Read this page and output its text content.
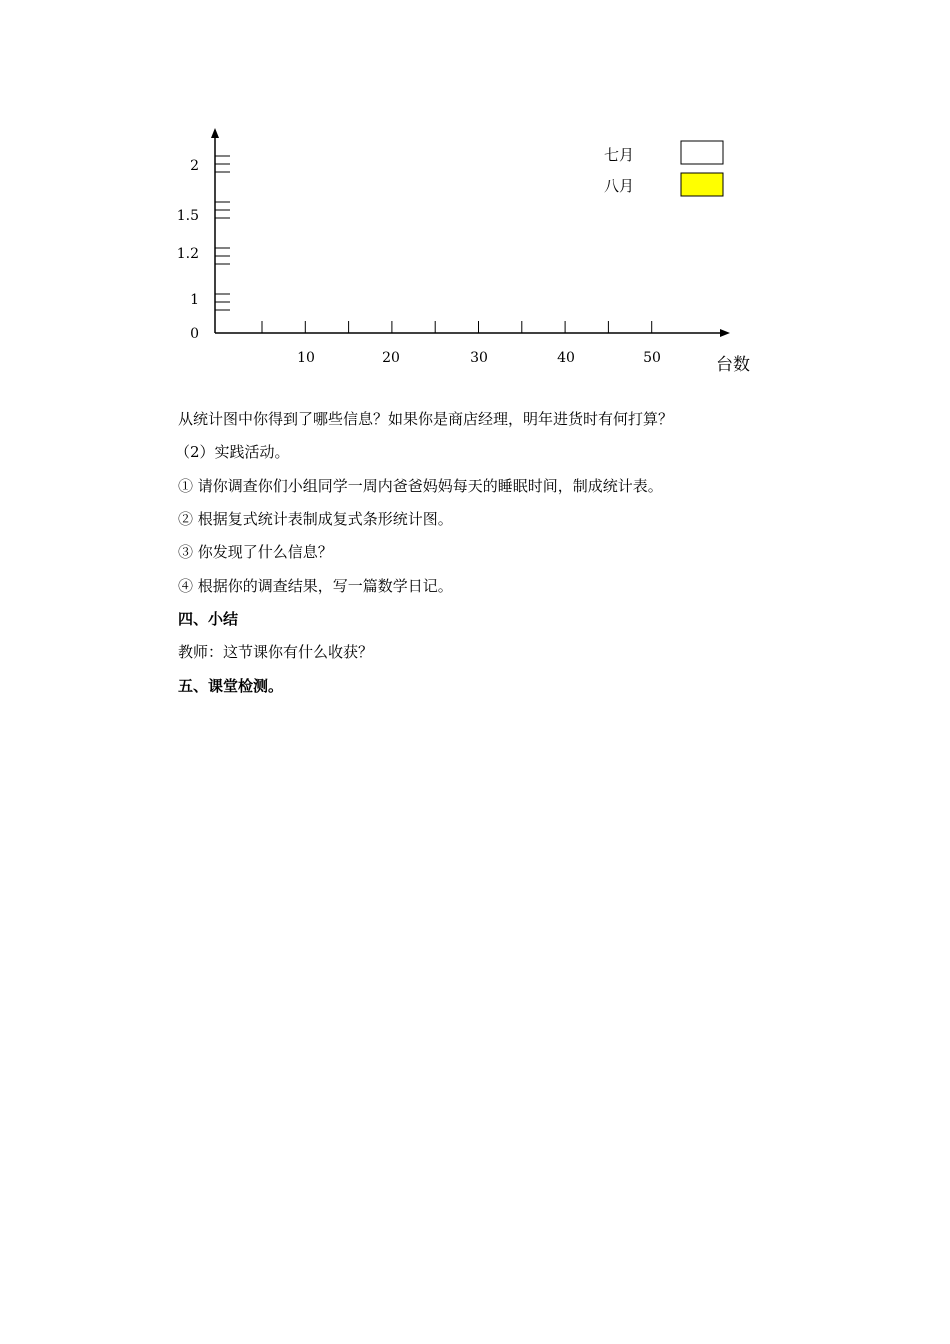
0
1
1.2
1.5
2
10	20	30	40	50
七月
八月
台数

从统计图中你得到了哪些信息？如果你是商店经理，明年进货时有何打算？

（2）实践活动。

① 请你调查你们小组同学一周内爸爸妈妈每天的睡眠时间，制成统计表。

② 根据复式统计表制成复式条形统计图。

③ 你发现了什么信息？

④ 根据你的调查结果，写一篇数学日记。

四、小结

教师：这节课你有什么收获？

五、课堂检测。
